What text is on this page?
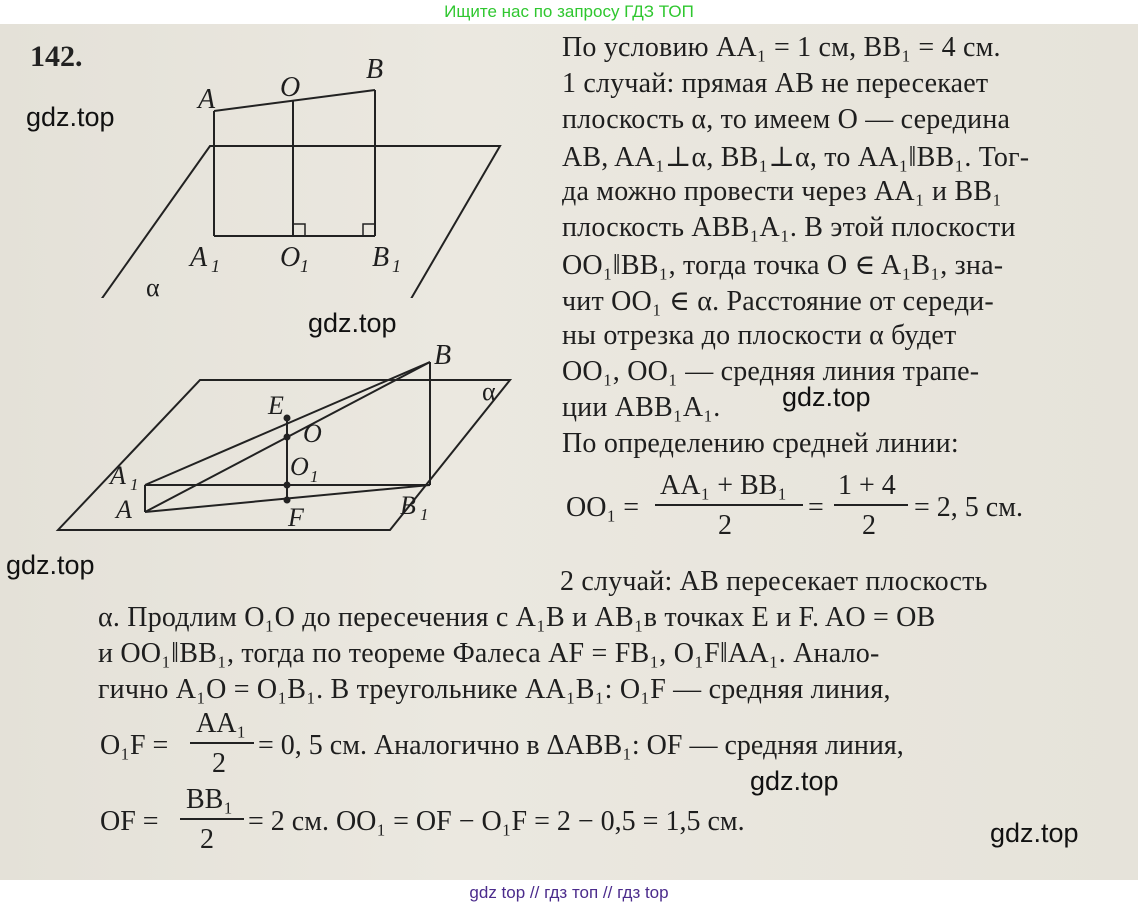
Ищите нас по запросу ГДЗ ТОП
142.
A O
B
A 1 O 1 B 1
α
B
α
E
O
O 1
A 1
A	F	B 1
По условию AA₁ = 1 см, BB₁ = 4 см.
1 случай: прямая AB не пересекает
плоскость α, то имеем O — середина
AB, AA₁⊥α, BB₁⊥α, то AA₁‖BB₁. Тог-
да можно провести через AA₁ и BB₁
плоскость ABB₁A₁. В этой плоскости
OO₁‖BB₁, тогда точка O ∈ A₁B₁, зна-
чит OO₁ ∈ α. Расстояние от середи-
ны отрезка до плоскости α будет
OO₁, OO₁ — средняя линия трапе-
ции ABB₁A₁.
По определению средней линии:
OO₁ =
AA₁ + BB₁
2
=
1 + 4
2
= 2, 5 см.
2 случай: AB пересекает плоскость
α. Продлим O₁O до пересечения с A₁B и AB₁в точках E и F. AO = OB
и OO₁‖BB₁, тогда по теореме Фалеса AF = FB₁, O₁F‖AA₁. Анало-
гично A₁O = O₁B₁. В треугольнике AA₁B₁: O₁F — средняя линия,
O₁F =
AA₁
2
= 0, 5 см. Аналогично в ΔABB₁: OF — средняя линия,
OF =
BB₁
2
= 2 см. OO₁ = OF − O₁F = 2 − 0,5 = 1,5 см.
gdz.top
gdz.top
gdz.top
gdz.top
gdz.top
gdz.top
gdz top // гдз топ // гдз top
